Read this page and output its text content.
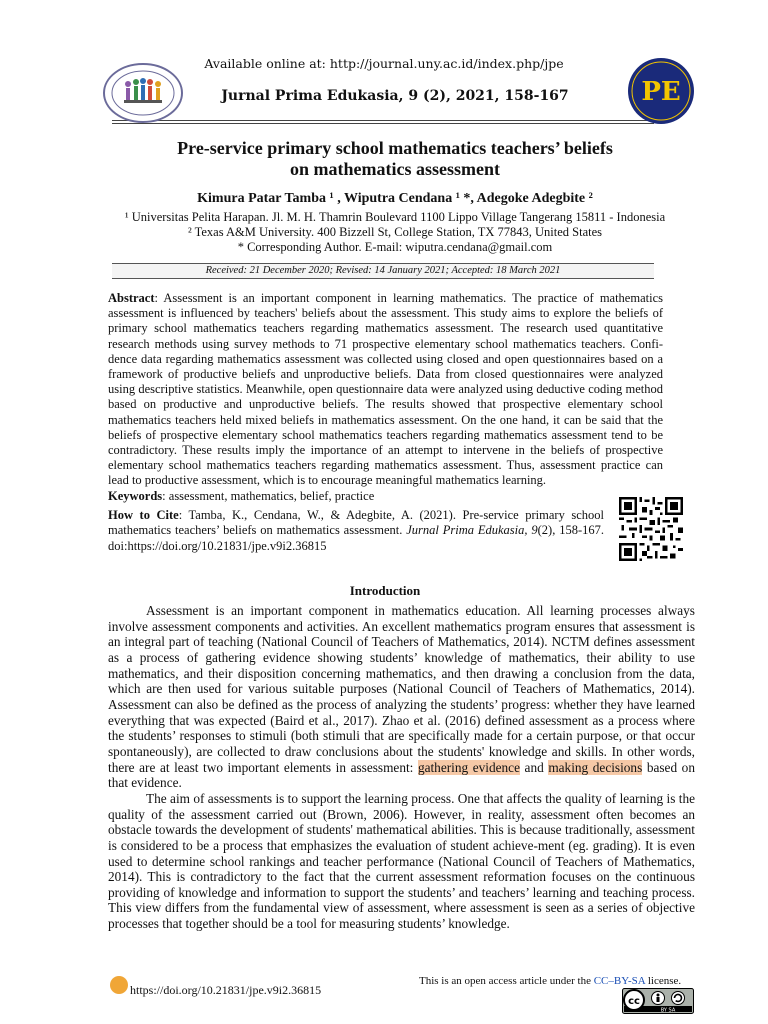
Available online at: http://journal.uny.ac.id/index.php/jpe
Jurnal Prima Edukasia, 9 (2), 2021, 158-167	PE
Pre-service primary school mathematics teachers’ beliefs
on mathematics assessment
Kimura Patar Tamba ¹ , Wiputra Cendana ¹ *, Adegoke Adegbite ²
¹ Universitas Pelita Harapan. Jl. M. H. Thamrin Boulevard 1100 Lippo Village Tangerang 15811 - Indonesia
² Texas A&M University. 400 Bizzell St, College Station, TX 77843, United States
* Corresponding Author. E-mail: wiputra.cendana@gmail.com
Received: 21 December 2020; Revised: 14 January 2021; Accepted: 18 March 2021
Abstract: Assessment is an important component in learning mathematics. The practice of mathematics assessment is influenced by teachers' beliefs about the assessment. This study aims to explore the beliefs of primary school mathematics teachers regarding mathematics assessment. The research used quantitative research methods using survey methods to 71 prospective elementary school mathematics teachers. Confi-dence data regarding mathematics assessment was collected using closed and open questionnaires based on a framework of productive beliefs and unproductive beliefs. Data from closed questionnaires were analyzed using descriptive statistics. Meanwhile, open questionnaire data were analyzed using deductive coding method based on productive and unproductive beliefs. The results showed that prospective elementary school mathematics teachers held mixed beliefs in mathematics assessment. On the one hand, it can be said that the beliefs of prospective elementary school mathematics teachers regarding mathematics assessment tend to be contradictory. These results imply the importance of an attempt to intervene in the beliefs of prospective elementary school mathematics teachers regarding mathematics assessment. Thus, assessment practice can lead to productive assessment, which is to encourage meaningful mathematics learning.
Keywords: assessment, mathematics, belief, practice
How to Cite: Tamba, K., Cendana, W., & Adegbite, A. (2021). Pre-service primary school mathematics teachers’ beliefs on mathematics assessment. Jurnal Prima Edukasia, 9(2), 158-167. doi:https://doi.org/10.21831/jpe.v9i2.36815
Introduction

Assessment is an important component in mathematics education. All learning processes always involve assessment components and activities. An excellent mathematics program ensures that assessment is an integral part of teaching (National Council of Teachers of Mathematics, 2014). NCTM defines assessment as a process of gathering evidence showing students’ knowledge of mathematics, their ability to use mathematics, and their disposition concerning mathematics, and then drawing a conclusion from the data, which are then used for various suitable purposes (National Council of Teachers of Mathematics, 2014). Assessment can also be defined as the process of analyzing the students’ progress: whether they have learned everything that was expected (Baird et al., 2017). Zhao et al. (2016) defined assessment as a process where the students’ responses to stimuli (both stimuli that are specifically made for a certain purpose, or that occur spontaneously), are collected to draw conclusions about the students' knowledge and skills. In other words, there are at least two important elements in assessment: gathering evidence and making decisions based on that evidence.

The aim of assessments is to support the learning process. One that affects the quality of learning is the quality of the assessment carried out (Brown, 2006). However, in reality, assessment often becomes an obstacle towards the development of students' mathematical abilities. This is because traditionally, assessment is considered to be a process that emphasizes the evaluation of student achieve-ment (eg. grading). It is even used to determine school rankings and teacher performance (National Council of Teachers of Mathematics, 2014). This is contradictory to the fact that the current assessment reformation focuses on the continuous providing of knowledge and information to support the students’ and teachers’ learning and teaching process. This view differs from the fundamental view of assessment, where assessment is seen as a series of objective processes that together should be a tool for measuring students’ knowledge.

https://doi.org/10.21831/jpe.v9i2.36815
This is an open access article under the CC–BY-SA license.
cc
BY SA
